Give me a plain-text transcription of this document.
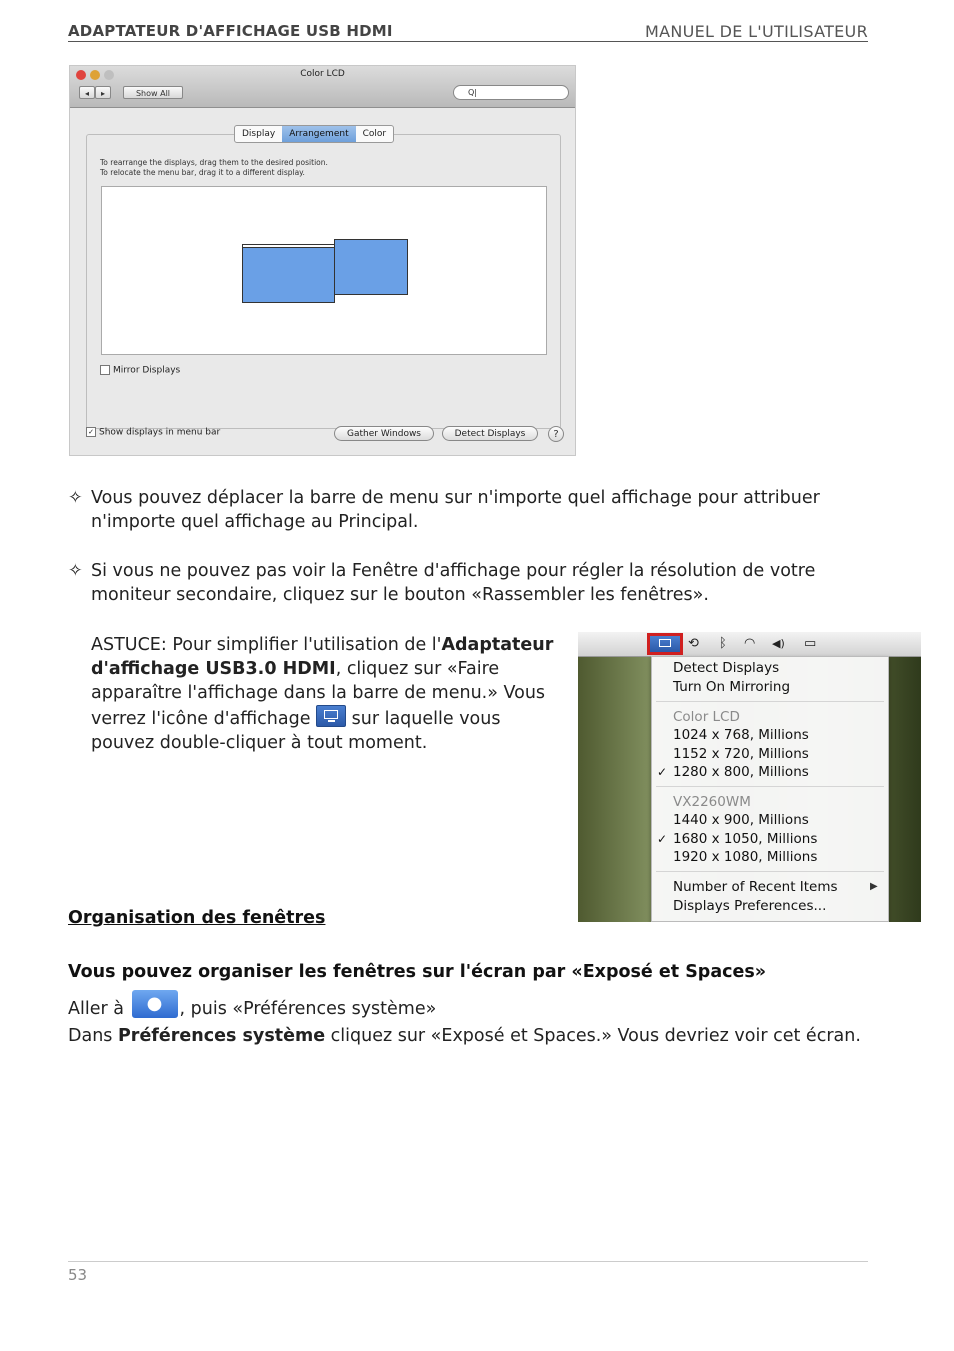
ADAPTATEUR D'AFFICHAGE USB HDMI	MANUEL DE L'UTILISATEUR
Color LCD
◂	▸	Show All	Q|
Display	Arrangement	Color
To rearrange the displays, drag them to the desired position.
To relocate the menu bar, drag it to a different display.
Mirror Displays
✓ Show displays in menu bar	Gather Windows	Detect Displays	?
✧ Vous pouvez déplacer la barre de menu sur n'importe quel affichage pour attribuer n'importe quel affichage au Principal.
✧ Si vous ne pouvez pas voir la Fenêtre d'affichage pour régler la résolution de votre moniteur secondaire, cliquez sur le bouton «Rassembler les fenêtres».
ASTUCE: Pour simplifier l'utilisation de l'Adaptateur d'affichage USB3.0 HDMI, cliquez sur «Faire apparaître l'affichage dans la barre de menu.» Vous verrez l'icône d'affichage  sur laquelle vous pouvez double-cliquer à tout moment.
⟲ ᛒ ◠ ◀) ▭
Detect Displays
Turn On Mirroring
Color LCD
1024 x 768, Millions
1152 x 720, Millions
✓ 1280 x 800, Millions
VX2260WM
1440 x 900, Millions
✓ 1680 x 1050, Millions
1920 x 1080, Millions
Number of Recent Items	▶
Displays Preferences...
Organisation des fenêtres
Vous pouvez organiser les fenêtres sur l'écran par «Exposé et Spaces»
Aller à ● , puis «Préférences système»
Dans Préférences système cliquez sur «Exposé et Spaces.» Vous devriez voir cet écran.
53
